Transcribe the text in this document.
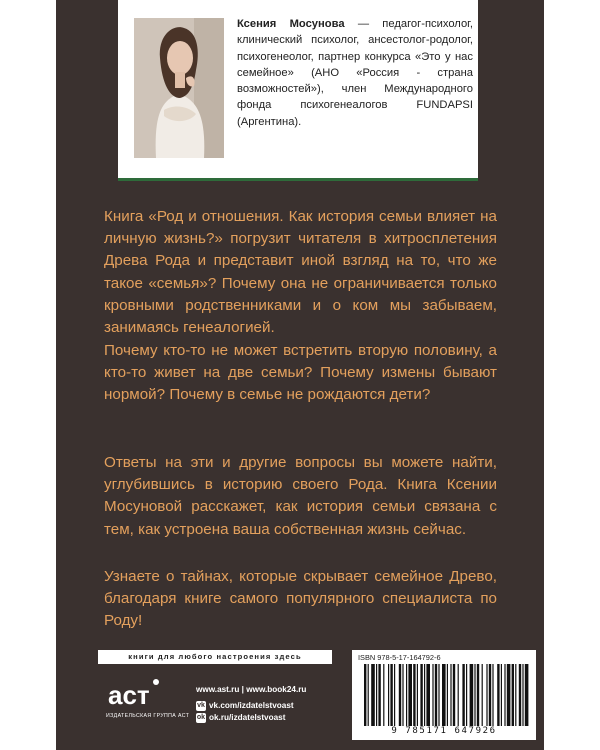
Ксения Мосунова — педагог-психолог, клинический психолог, ансестолог-родолог, психогенеолог, партнер конкурса «Это у нас семейное» (АНО «Россия - страна возможностей»), член Международного фонда психогенеалогов FUNDAPSI (Аргентина).

Книга «Род и отношения. Как история семьи влияет на личную жизнь?» погрузит читателя в хитросплетения Древа Рода и представит иной взгляд на то, что же такое «семья»? Почему она не ограничивается только кровными родственниками и о ком мы забываем, занимаясь генеалогией.

Почему кто-то не может встретить вторую половину, а кто-то живет на две семьи? Почему измены бывают нормой? Почему в семье не рождаются дети?

Ответы на эти и другие вопросы вы можете найти, углубившись в историю своего Рода. Книга Ксении Мосуновой расскажет, как история семьи связана с тем, как устроена ваша собственная жизнь сейчас.

Узнаете о тайнах, которые скрывает семейное Древо, благодаря книге самого популярного специалиста по Роду!

книги для любого настроения здесь
аст
ИЗДАТЕЛЬСКАЯ ГРУППА АСТ
www.ast.ru | www.book24.ru
vk vk.com/izdatelstvoast
ok ok.ru/izdatelstvoast
ISBN 978-5-17-164792-6
9 785171 647926
